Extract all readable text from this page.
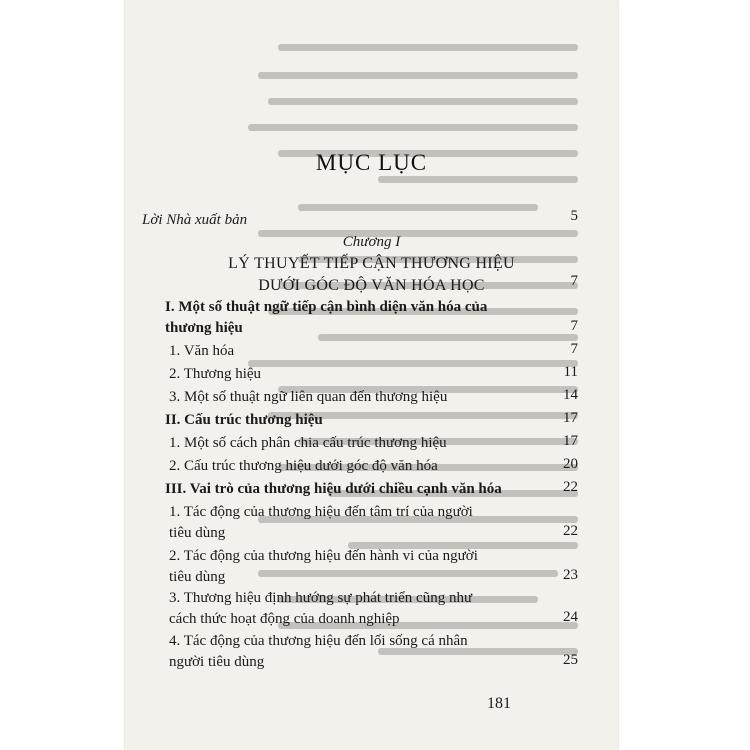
MỤC LỤC
Lời Nhà xuất bản	5
Chương I
LÝ THUYẾT TIẾP CẬN THƯƠNG HIỆU
DƯỚI GÓC ĐỘ VĂN HÓA HỌC	7
I. Một số thuật ngữ tiếp cận bình diện văn hóa của
thương hiệu	7
1. Văn hóa	7
2. Thương hiệu	11
3. Một số thuật ngữ liên quan đến thương hiệu	14
II. Cấu trúc thương hiệu	17
1. Một số cách phân chia cấu trúc thương hiệu	17
2. Cấu trúc thương hiệu dưới góc độ văn hóa	20
III. Vai trò của thương hiệu dưới chiều cạnh văn hóa	22
1. Tác động của thương hiệu đến tâm trí của người
tiêu dùng	22
2. Tác động của thương hiệu đến hành vi của người
tiêu dùng	23
3. Thương hiệu định hướng sự phát triển cũng như
cách thức hoạt động của doanh nghiệp	24
4. Tác động của thương hiệu đến lối sống cá nhân
người tiêu dùng	25
181
